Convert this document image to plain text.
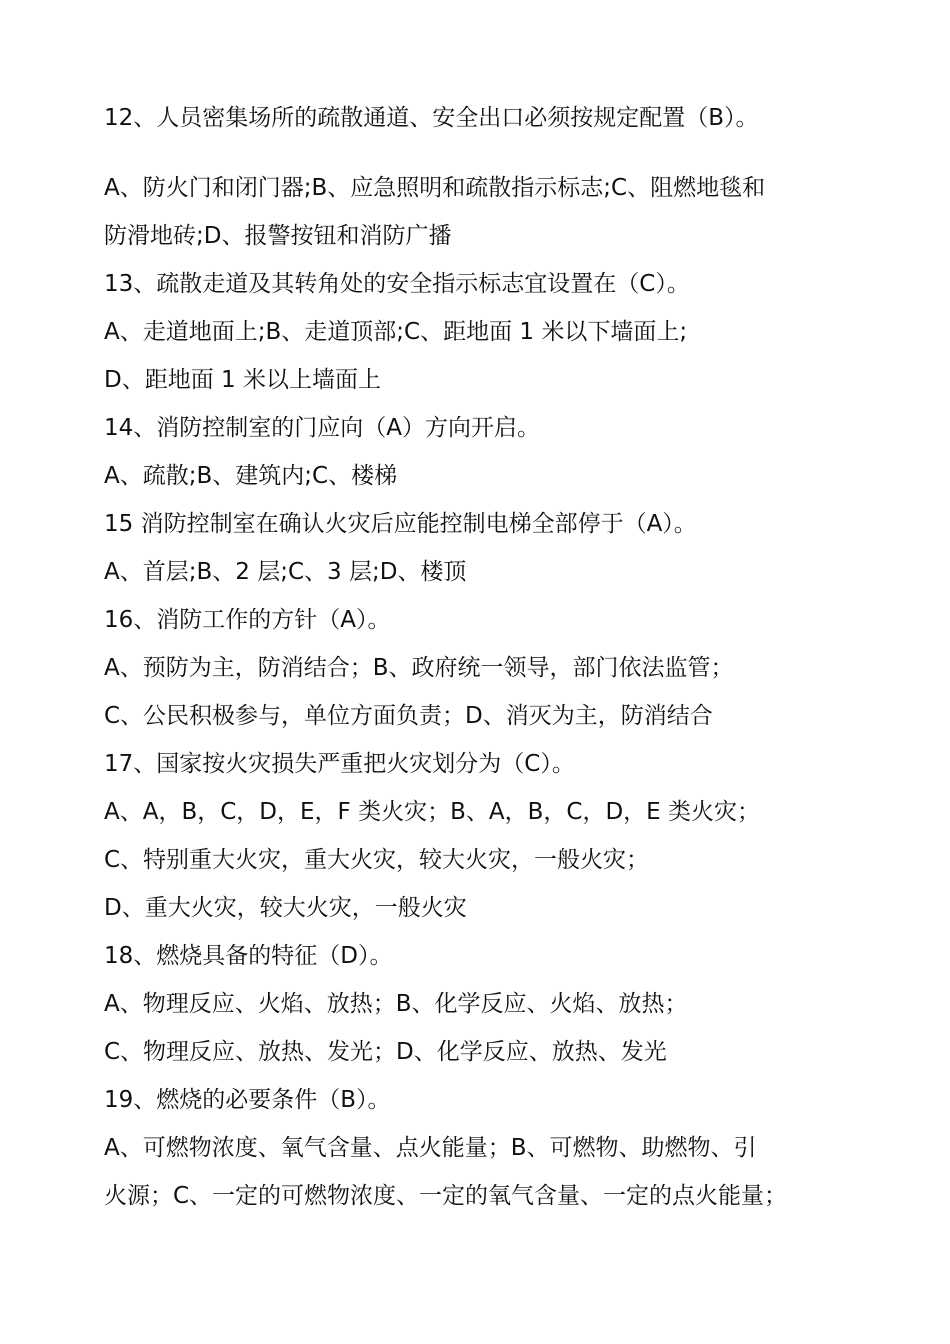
12、人员密集场所的疏散通道、安全出口必须按规定配置（B）。
A、防火门和闭门器;B、应急照明和疏散指示标志;C、阻燃地毯和
防滑地砖;D、报警按钮和消防广播
13、疏散走道及其转角处的安全指示标志宜设置在（C）。
A、走道地面上;B、走道顶部;C、距地面 1 米以下墙面上;
D、距地面 1 米以上墙面上
14、消防控制室的门应向（A）方向开启。
A、疏散;B、建筑内;C、楼梯
15 消防控制室在确认火灾后应能控制电梯全部停于（A）。
A、首层;B、2 层;C、3 层;D、楼顶
16、消防工作的方针（A）。
A、预防为主，防消结合；B、政府统一领导，部门依法监管；
C、公民积极参与，单位方面负责；D、消灭为主，防消结合
17、国家按火灾损失严重把火灾划分为（C）。
A、A，B，C，D，E，F 类火灾；B、A，B，C，D，E 类火灾；
C、特别重大火灾，重大火灾，较大火灾，一般火灾；
D、重大火灾，较大火灾，一般火灾
18、燃烧具备的特征（D）。
A、物理反应、火焰、放热；B、化学反应、火焰、放热；
C、物理反应、放热、发光；D、化学反应、放热、发光
19、燃烧的必要条件（B）。
A、可燃物浓度、氧气含量、点火能量；B、可燃物、助燃物、引
火源；C、一定的可燃物浓度、一定的氧气含量、一定的点火能量；
